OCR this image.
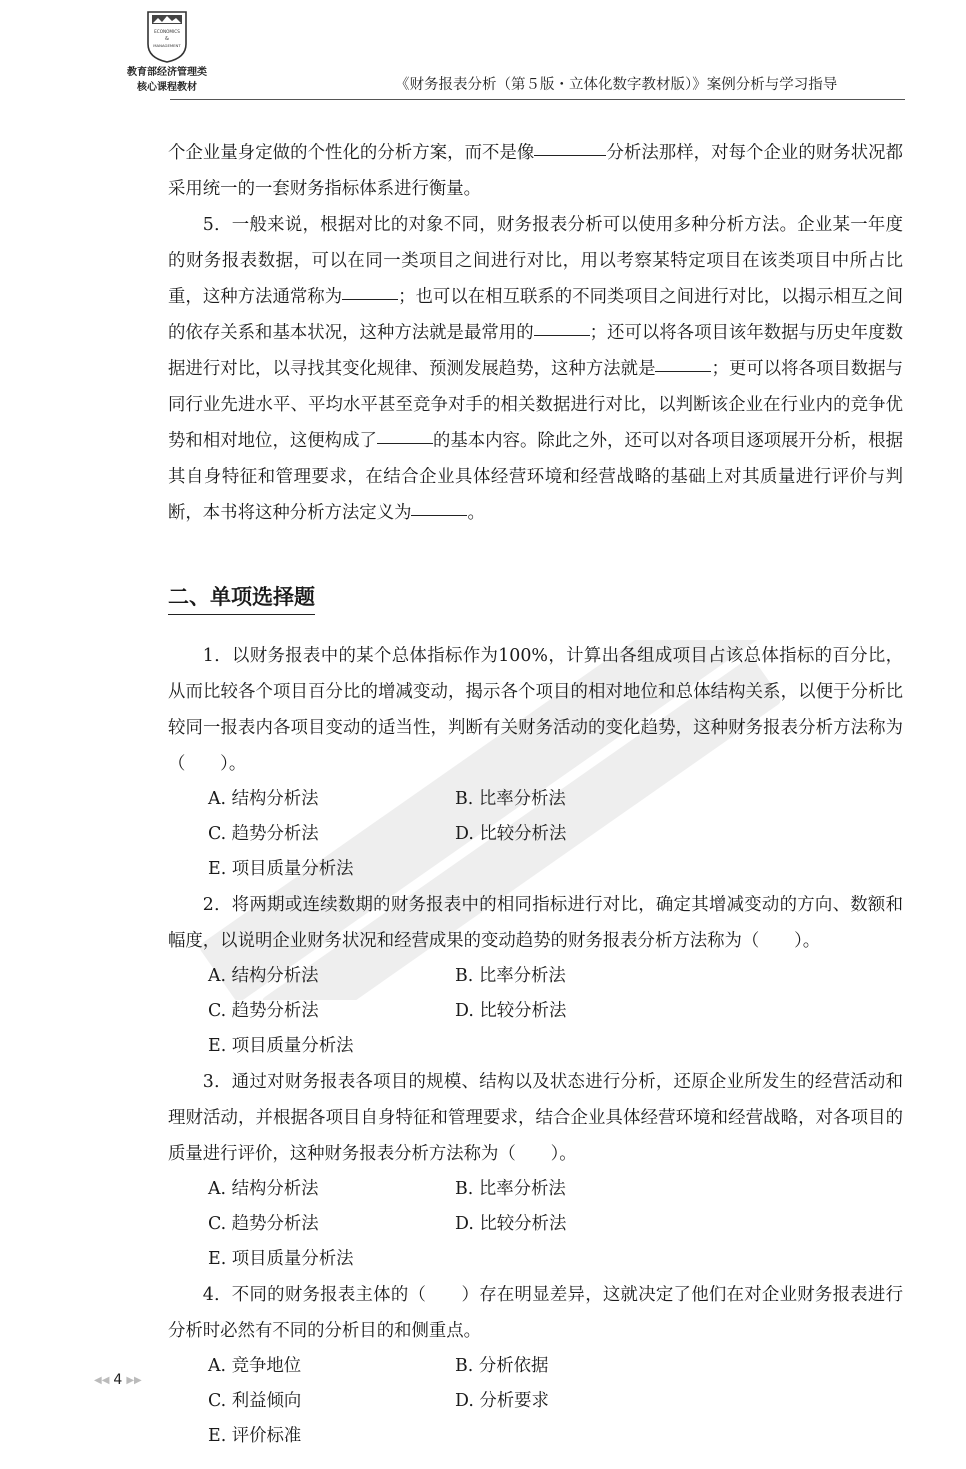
ECONOMICS
&
MANAGEMENT
教育部经济管理类
核心课程教材	《财务报表分析（第５版・立体化数字教材版）》案例分析与学习指导

个企业量身定做的个性化的分析方案，而不是像	分析法那样，对每个企业的财务状况都采用统一的一套财务指标体系进行衡量。

5．一般来说，根据对比的对象不同，财务报表分析可以使用多种分析方法。企业某一年度的财务报表数据，可以在同一类项目之间进行对比，用以考察某特定项目在该类项目中所占比重，这种方法通常称为	；也可以在相互联系的不同类项目之间进行对比，以揭示相互之间的依存关系和基本状况，这种方法就是最常用的	；还可以将各项目该年数据与历史年度数据进行对比，以寻找其变化规律、预测发展趋势，这种方法就是	；更可以将各项目数据与同行业先进水平、平均水平甚至竞争对手的相关数据进行对比，以判断该企业在行业内的竞争优势和相对地位，这便构成了	的基本内容。除此之外，还可以对各项目逐项展开分析，根据其自身特征和管理要求，在结合企业具体经营环境和经营战略的基础上对其质量进行评价与判断，本书将这种分析方法定义为	。

二、单项选择题

1．以财务报表中的某个总体指标作为100%，计算出各组成项目占该总体指标的百分比，从而比较各个项目百分比的增减变动，揭示各个项目的相对地位和总体结构关系，以便于分析比较同一报表内各项目变动的适当性，判断有关财务活动的变化趋势，这种财务报表分析方法称为（　　）。

A. 结构分析法	B. 比率分析法
C. 趋势分析法	D. 比较分析法
E. 项目质量分析法

2．将两期或连续数期的财务报表中的相同指标进行对比，确定其增减变动的方向、数额和幅度，以说明企业财务状况和经营成果的变动趋势的财务报表分析方法称为（　　）。

A. 结构分析法	B. 比率分析法
C. 趋势分析法	D. 比较分析法
E. 项目质量分析法

3．通过对财务报表各项目的规模、结构以及状态进行分析，还原企业所发生的经营活动和理财活动，并根据各项目自身特征和管理要求，结合企业具体经营环境和经营战略，对各项目的质量进行评价，这种财务报表分析方法称为（　　）。

A. 结构分析法	B. 比率分析法
C. 趋势分析法	D. 比较分析法
E. 项目质量分析法

4．不同的财务报表主体的（　　）存在明显差异，这就决定了他们在对企业财务报表进行分析时必然有不同的分析目的和侧重点。

A. 竞争地位	B. 分析依据
C. 利益倾向	D. 分析要求
E. 评价标准
◀◀ 4 ▶▶
